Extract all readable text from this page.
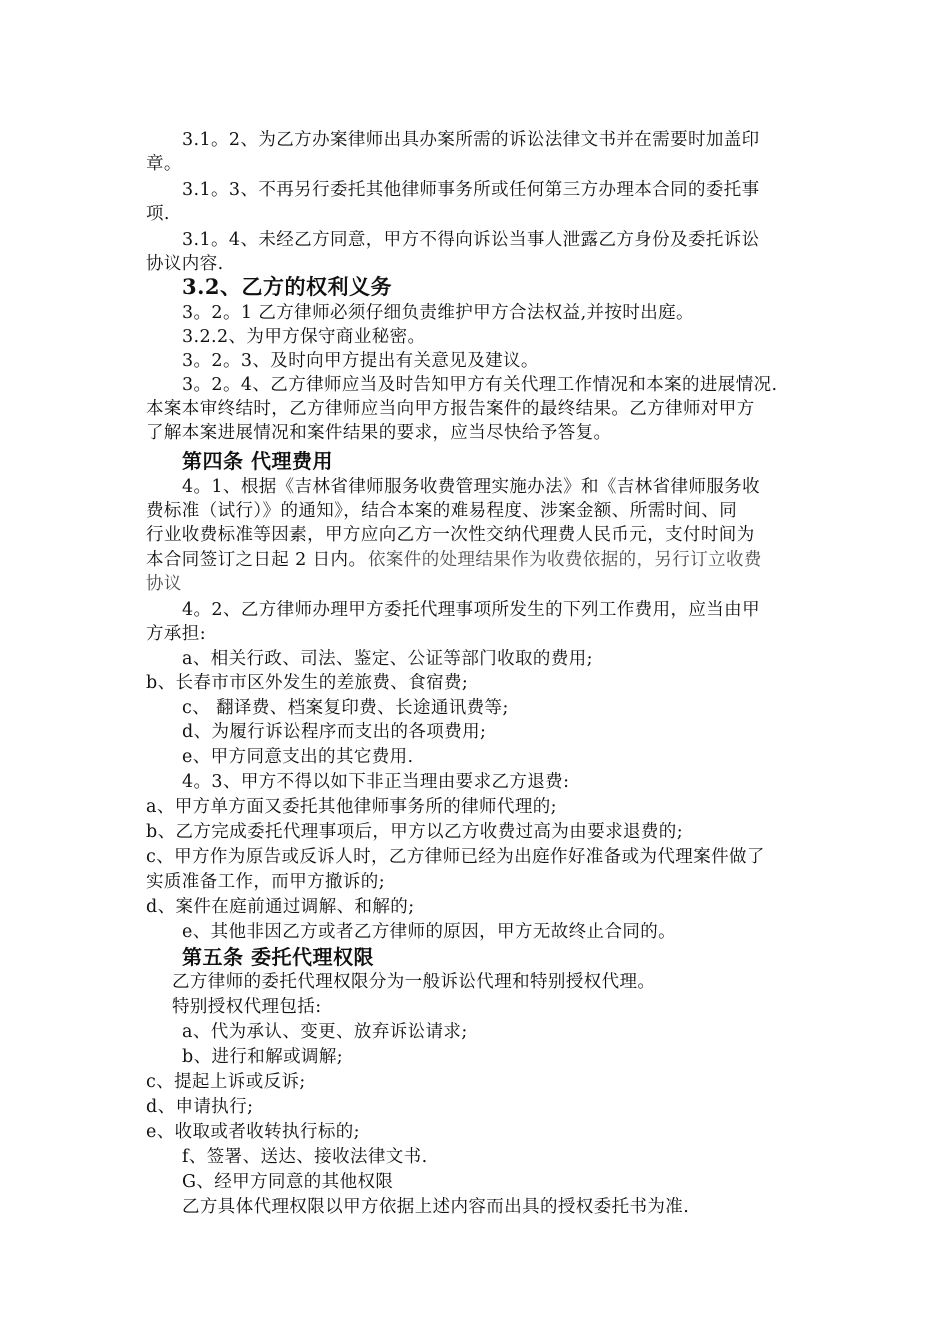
3.1。2、为乙方办案律师出具办案所需的诉讼法律文书并在需要时加盖印
章。
3.1。3、不再另行委托其他律师事务所或任何第三方办理本合同的委托事
项.
3.1。4、未经乙方同意，甲方不得向诉讼当事人泄露乙方身份及委托诉讼
协议内容.
3.2、乙方的权利义务
3。2。1 乙方律师必须仔细负责维护甲方合法权益,并按时出庭。
3.2.2、为甲方保守商业秘密。
3。2。3、及时向甲方提出有关意见及建议。
3。2。4、乙方律师应当及时告知甲方有关代理工作情况和本案的进展情况.
本案本审终结时，乙方律师应当向甲方报告案件的最终结果。乙方律师对甲方
了解本案进展情况和案件结果的要求，应当尽快给予答复。
第四条 代理费用
4。1、根据《吉林省律师服务收费管理实施办法》和《吉林省律师服务收
费标准（试行）》的通知》，结合本案的难易程度、涉案金额、所需时间、同
行业收费标准等因素，甲方应向乙方一次性交纳代理费人民币元，支付时间为
本合同签订之日起 2 日内。 依案件的处理结果作为收费依据的，另行订立收费
协议
4。2、乙方律师办理甲方委托代理事项所发生的下列工作费用，应当由甲
方承担:
a、相关行政、司法、鉴定、公证等部门收取的费用;
b、长春市市区外发生的差旅费、食宿费;
c、 翻译费、档案复印费、长途通讯费等;
d、为履行诉讼程序而支出的各项费用;
e、甲方同意支出的其它费用.
4。3、甲方不得以如下非正当理由要求乙方退费:
a、甲方单方面又委托其他律师事务所的律师代理的;
b、乙方完成委托代理事项后，甲方以乙方收费过高为由要求退费的;
c、甲方作为原告或反诉人时，乙方律师已经为出庭作好准备或为代理案件做了
实质准备工作，而甲方撤诉的;
d、案件在庭前通过调解、和解的;
e、其他非因乙方或者乙方律师的原因，甲方无故终止合同的。
第五条 委托代理权限
乙方律师的委托代理权限分为一般诉讼代理和特别授权代理。
特别授权代理包括:
a、代为承认、变更、放弃诉讼请求;
b、进行和解或调解;
c、提起上诉或反诉;
d、申请执行;
e、收取或者收转执行标的;
f、签署、送达、接收法律文书.
G、经甲方同意的其他权限
乙方具体代理权限以甲方依据上述内容而出具的授权委托书为准.
